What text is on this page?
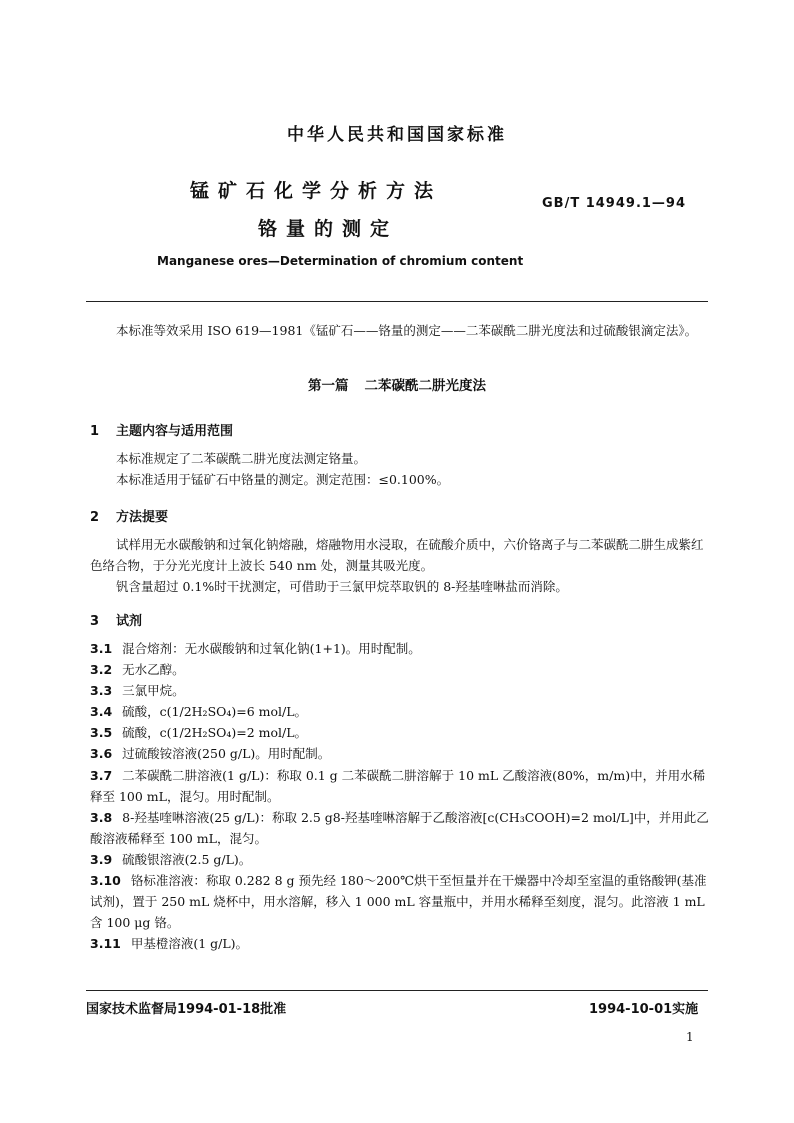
中华人民共和国国家标准
锰矿石化学分析方法
铬量的测定
GB/T 14949.1—94
Manganese ores—Determination of chromium content
本标准等效采用 ISO 619—1981《锰矿石——铬量的测定——二苯碳酰二肼光度法和过硫酸银滴定法》。
第一篇 二苯碳酰二肼光度法
1 主题内容与适用范围
本标准规定了二苯碳酰二肼光度法测定铬量。
本标准适用于锰矿石中铬量的测定。测定范围：≤0.100%。
2 方法提要
试样用无水碳酸钠和过氧化钠熔融，熔融物用水浸取，在硫酸介质中，六价铬离子与二苯碳酰二肼生成紫红色络合物，于分光光度计上波长 540 nm 处，测量其吸光度。
钒含量超过 0.1%时干扰测定，可借助于三氯甲烷萃取钒的 8-羟基喹啉盐而消除。
3 试剂
3.1 混合熔剂：无水碳酸钠和过氧化钠(1+1)。用时配制。
3.2 无水乙醇。
3.3 三氯甲烷。
3.4 硫酸，c(1/2H₂SO₄)=6 mol/L。
3.5 硫酸，c(1/2H₂SO₄)=2 mol/L。
3.6 过硫酸铵溶液(250 g/L)。用时配制。
3.7 二苯碳酰二肼溶液(1 g/L)：称取 0.1 g 二苯碳酰二肼溶解于 10 mL 乙酸溶液(80%，m/m)中，并用水稀释至 100 mL，混匀。用时配制。
3.8 8-羟基喹啉溶液(25 g/L)：称取 2.5 g8-羟基喹啉溶解于乙酸溶液[c(CH₃COOH)=2 mol/L]中，并用此乙酸溶液稀释至 100 mL，混匀。
3.9 硫酸银溶液(2.5 g/L)。
3.10 铬标准溶液：称取 0.282 8 g 预先经 180～200℃烘干至恒量并在干燥器中冷却至室温的重铬酸钾(基准试剂)，置于 250 mL 烧杯中，用水溶解，移入 1 000 mL 容量瓶中，并用水稀释至刻度，混匀。此溶液 1 mL 含 100 μg 铬。
3.11 甲基橙溶液(1 g/L)。
国家技术监督局1994-01-18批准	1994-10-01实施
1
